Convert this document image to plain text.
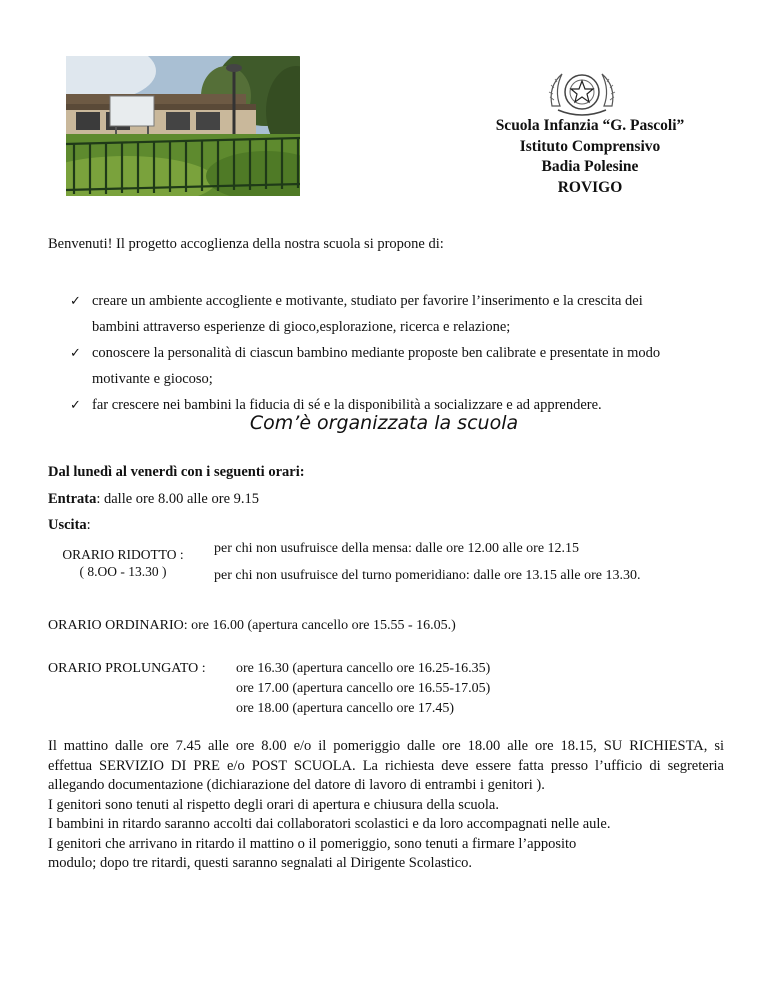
Scuola Infanzia “G. Pascoli”
Istituto Comprensivo
Badia Polesine
ROVIGO
Benvenuti! Il progetto accoglienza della nostra scuola si propone di:
✓ creare un ambiente accogliente e motivante, studiato per favorire l’inserimento e la crescita dei
bambini attraverso esperienze di gioco,esplorazione, ricerca e relazione;
✓ conoscere la personalità di ciascun bambino mediante proposte ben calibrate e presentate in modo
motivante e giocoso;
✓ far crescere nei bambini la fiducia di sé e la disponibilità a socializzare e ad apprendere.
Com’è organizzata la scuola
Dal lunedì al venerdì con i seguenti orari:
Entrata: dalle ore 8.00 alle ore 9.15
Uscita:
ORARIO RIDOTTO :
( 8.OO - 13.30 )
per chi non usufruisce della mensa: dalle ore 12.00 alle ore 12.15
per chi non usufruisce del turno pomeridiano: dalle ore 13.15 alle ore 13.30.
ORARIO ORDINARIO: ore 16.00 (apertura cancello ore 15.55 - 16.05.)
ORARIO PROLUNGATO : ore 16.30 (apertura cancello ore 16.25-16.35)
ore 17.00 (apertura cancello ore 16.55-17.05)
ore 18.00 (apertura cancello ore 17.45)
Il mattino dalle ore 7.45 alle ore 8.00 e/o il pomeriggio dalle ore 18.00 alle ore 18.15, SU RICHIESTA, si
effettua SERVIZIO DI PRE e/o POST SCUOLA. La richiesta deve essere fatta presso l’ufficio di segreteria
allegando documentazione (dichiarazione del datore di lavoro di entrambi i genitori ).
I genitori sono tenuti al rispetto degli orari di apertura e chiusura della scuola.
I bambini in ritardo saranno accolti dai collaboratori scolastici e da loro accompagnati nelle aule.
I genitori che arrivano in ritardo il mattino o il pomeriggio, sono tenuti a firmare l’apposito
modulo; dopo tre ritardi, questi saranno segnalati al Dirigente Scolastico.
